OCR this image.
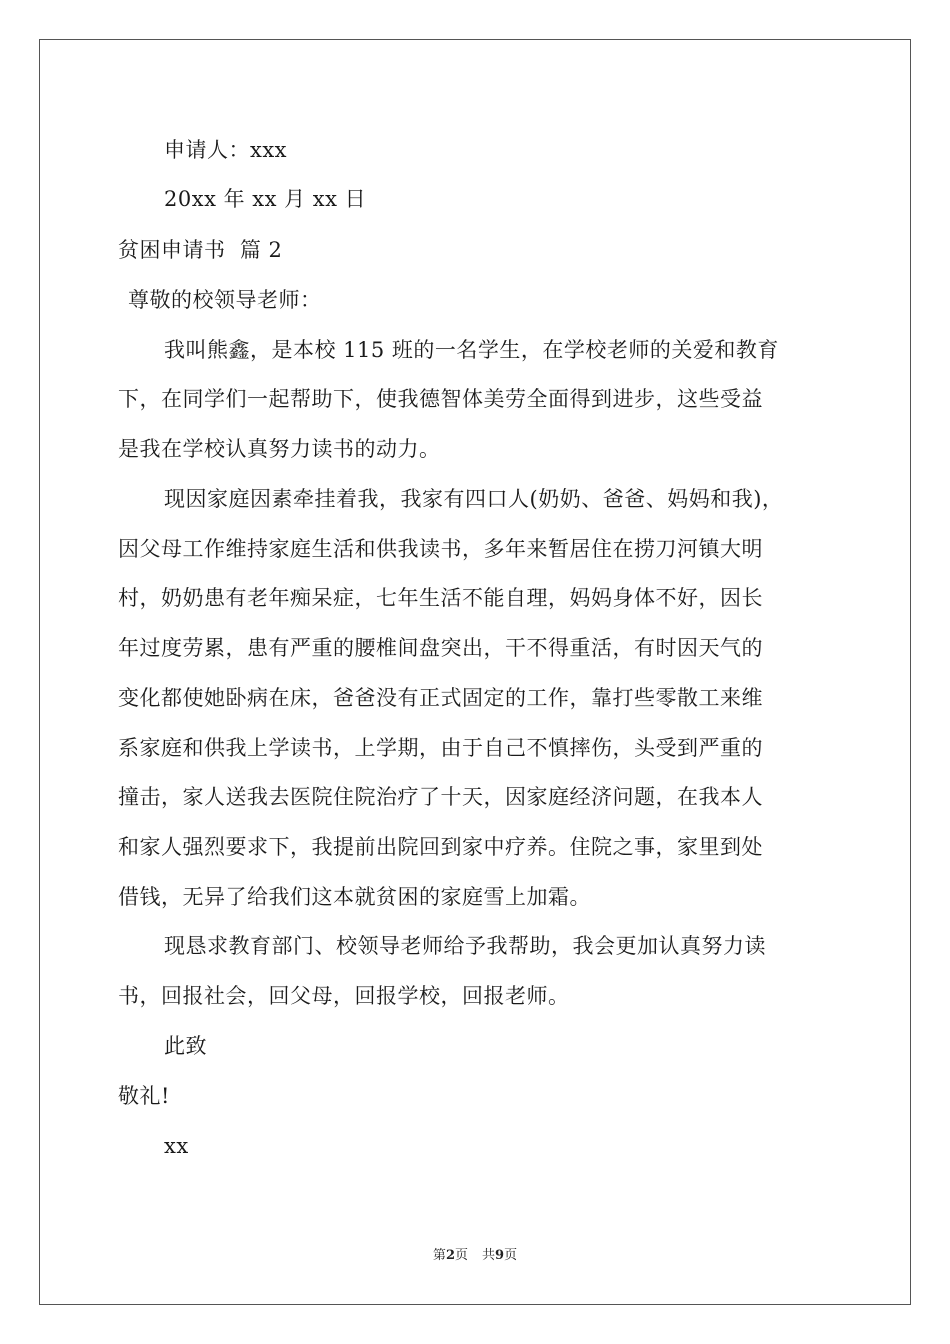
申请人：xxx
20xx 年 xx 月 xx 日
贫困申请书  篇 2
尊敬的校领导老师：
我叫熊鑫，是本校 115 班的一名学生，在学校老师的关爱和教育
下，在同学们一起帮助下，使我德智体美劳全面得到进步，这些受益
是我在学校认真努力读书的动力。
现因家庭因素牵挂着我，我家有四口人(奶奶、爸爸、妈妈和我)，
因父母工作维持家庭生活和供我读书，多年来暂居住在捞刀河镇大明
村，奶奶患有老年痴呆症，七年生活不能自理，妈妈身体不好，因长
年过度劳累，患有严重的腰椎间盘突出，干不得重活，有时因天气的
变化都使她卧病在床，爸爸没有正式固定的工作，靠打些零散工来维
系家庭和供我上学读书，上学期，由于自己不慎摔伤，头受到严重的
撞击，家人送我去医院住院治疗了十天，因家庭经济问题，在我本人
和家人强烈要求下，我提前出院回到家中疗养。住院之事，家里到处
借钱，无异了给我们这本就贫困的家庭雪上加霜。
现恳求教育部门、校领导老师给予我帮助，我会更加认真努力读
书，回报社会，回父母，回报学校，回报老师。
此致
敬礼!
xx
第2页 共9页
